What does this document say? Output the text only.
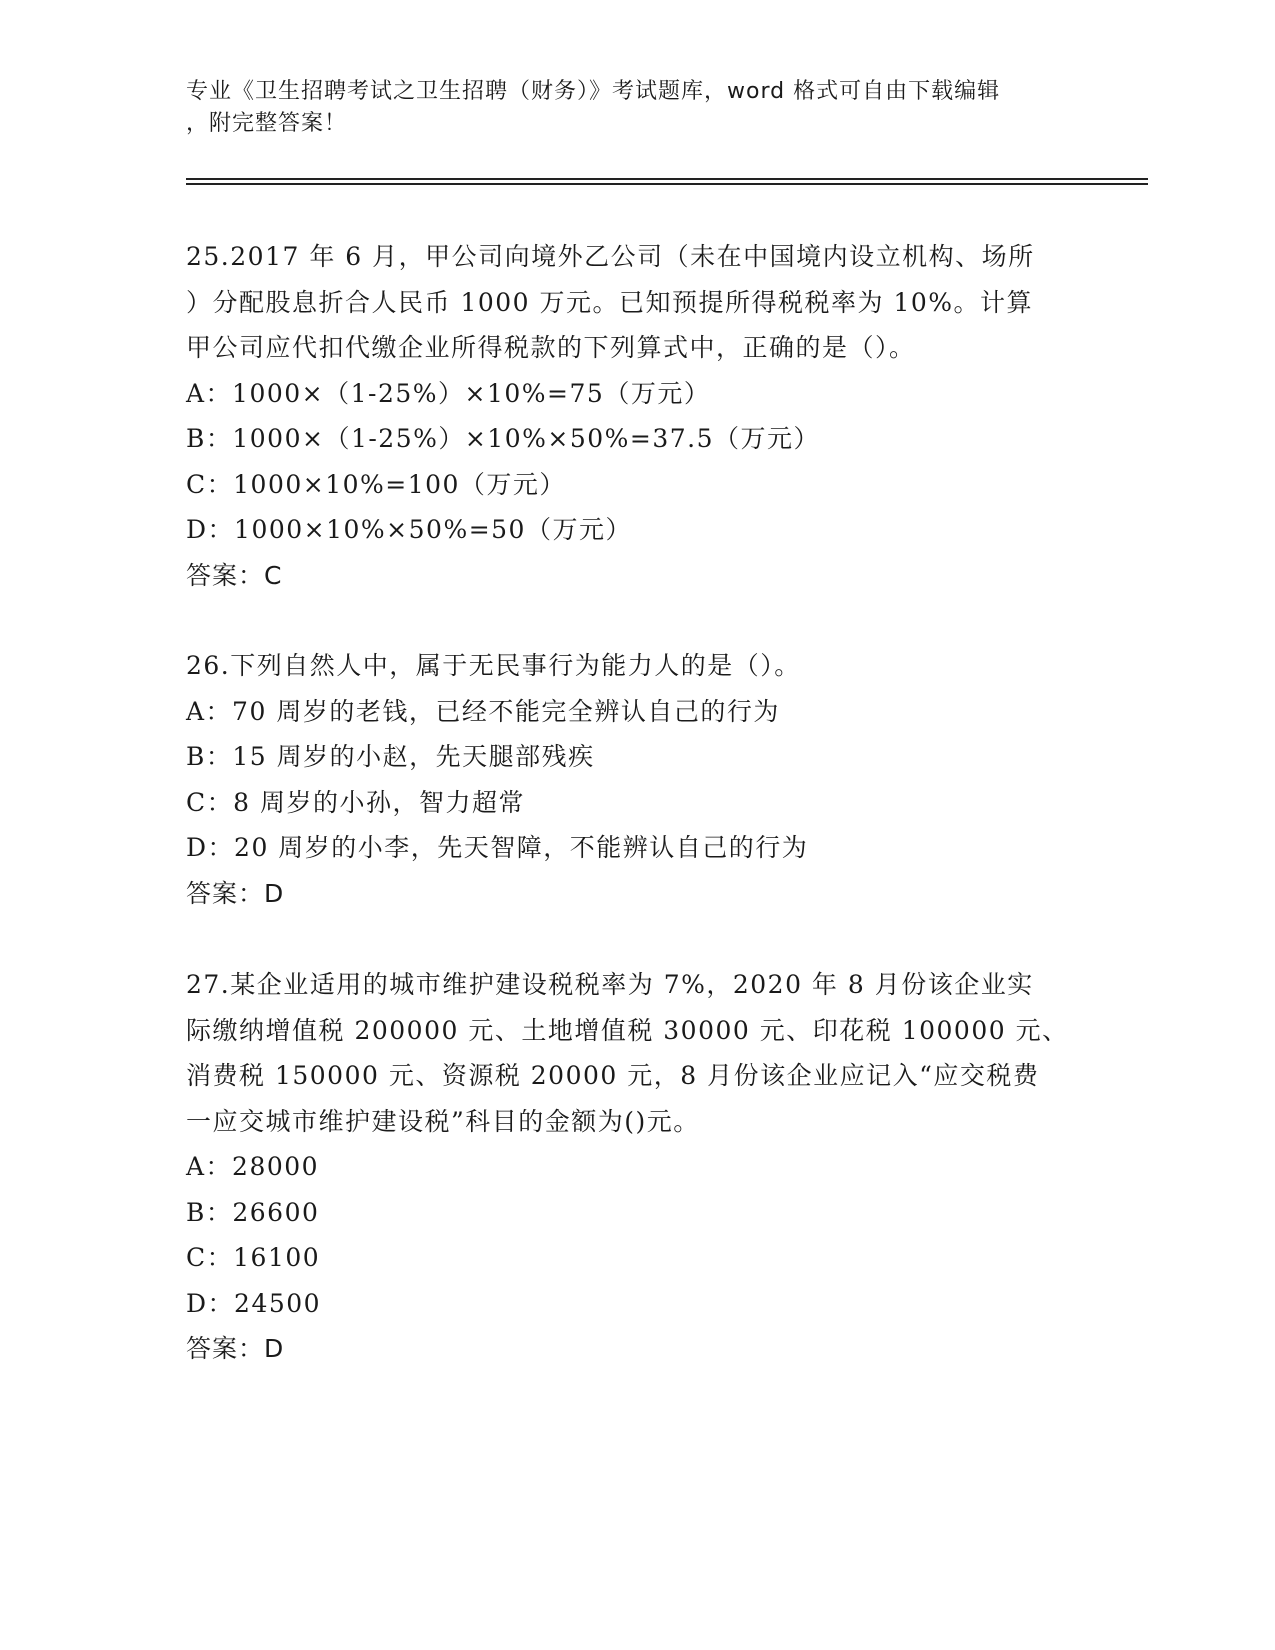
专业《卫生招聘考试之卫生招聘（财务）》考试题库，word 格式可自由下载编辑
，附完整答案！
25.2017 年 6 月，甲公司向境外乙公司（未在中国境内设立机构、场所
）分配股息折合人民币 1000 万元。已知预提所得税税率为 10%。计算
甲公司应代扣代缴企业所得税款的下列算式中，正确的是（）。
A：1000×（1-25%）×10%=75（万元）
B：1000×（1-25%）×10%×50%=37.5（万元）
C：1000×10%=100（万元）
D：1000×10%×50%=50（万元）
答案：C
26.下列自然人中，属于无民事行为能力人的是（）。
A：70 周岁的老钱，已经不能完全辨认自己的行为
B：15 周岁的小赵，先天腿部残疾
C：8 周岁的小孙，智力超常
D：20 周岁的小李，先天智障，不能辨认自己的行为
答案：D
27.某企业适用的城市维护建设税税率为 7%，2020 年 8 月份该企业实
际缴纳增值税 200000 元、土地增值税 30000 元、印花税 100000 元、
消费税 150000 元、资源税 20000 元，8 月份该企业应记入“应交税费
一应交城市维护建设税”科目的金额为()元。
A：28000
B：26600
C：16100
D：24500
答案：D
